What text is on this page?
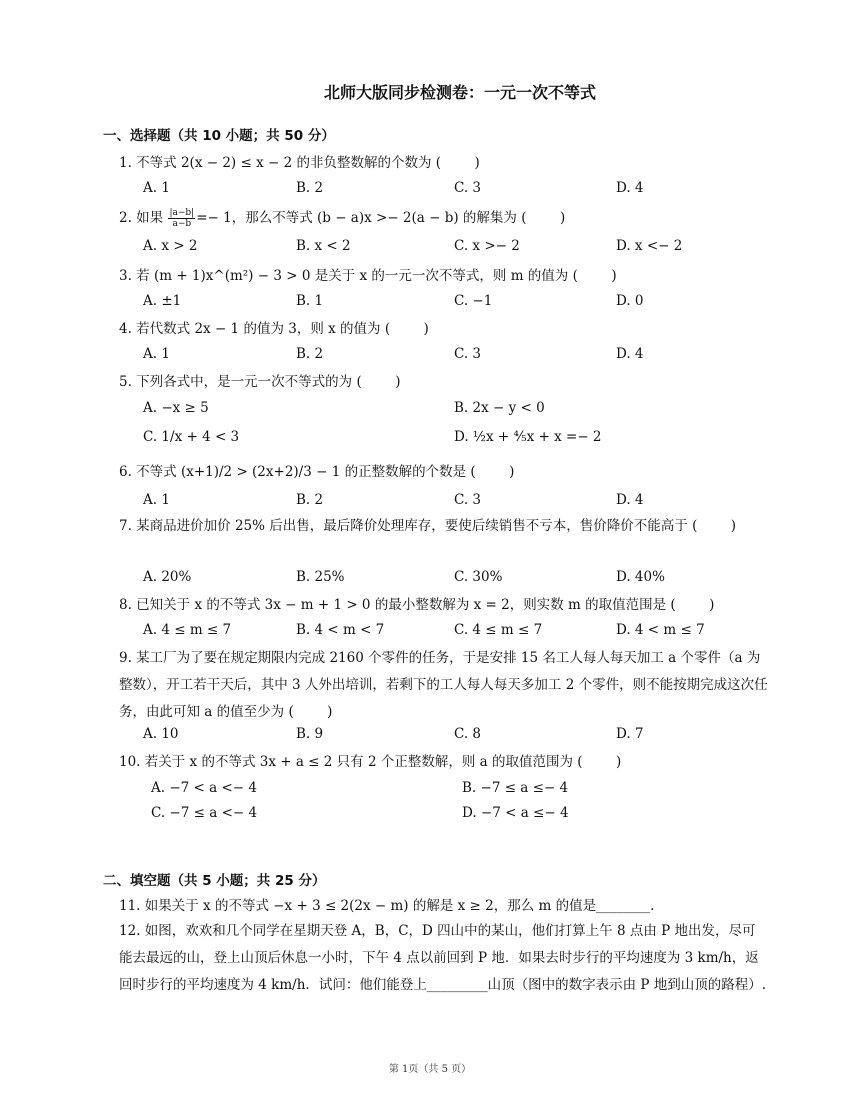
北师大版同步检测卷：一元一次不等式
一、选择题（共 10 小题；共 50 分）
1. 不等式 2(x − 2) ≤ x − 2 的非负整数解的个数为 ( )
A. 1	B. 2	C. 3	D. 4
2. 如果 $\frac{|a-b|}{a-b} =- 1$，那么不等式 (b − a)x >− 2(a − b) 的解集为 ( )
A. x > 2	B. x < 2	C. x >− 2	D. x <− 2
3. 若 (m + 1)x^(m²) − 3 > 0 是关于 x 的一元一次不等式，则 m 的值为 ( )
A. ±1	B. 1	C. −1	D. 0
4. 若代数式 2x − 1 的值为 3，则 x 的值为 ( )
A. 1	B. 2	C. 3	D. 4
5. 下列各式中，是一元一次不等式的为 ( )
A. −x ≥ 5	B. 2x − y < 0
C. 1/x + 4 < 3	D. ½x + ⅘x + x =− 2
6. 不等式 (x+1)/2 > (2x+2)/3 − 1 的正整数解的个数是 ( )
A. 1	B. 2	C. 3	D. 4
7. 某商品进价加价 25% 后出售，最后降价处理库存，要使后续销售不亏本，售价降价不能高于 ( )
A. 20%	B. 25%	C. 30%	D. 40%
8. 已知关于 x 的不等式 3x − m + 1 > 0 的最小整数解为 x = 2，则实数 m 的取值范围是 ( )
A. 4 ≤ m ≤ 7	B. 4 < m < 7	C. 4 ≤ m ≤ 7	D. 4 < m ≤ 7
9. 某工厂为了要在规定期限内完成 2160 个零件的任务，于是安排 15 名工人每人每天加工 a 个零件（a 为整数），开工若干天后，其中 3 人外出培训，若剩下的工人每人每天多加工 2 个零件，则不能按期完成这次任务，由此可知 a 的值至少为 ( )
A. 10	B. 9	C. 8	D. 7
10. 若关于 x 的不等式 3x + a ≤ 2 只有 2 个正整数解，则 a 的取值范围为 ( )
A. −7 < a <− 4	B. −7 ≤ a ≤− 4
C. −7 ≤ a <− 4	D. −7 < a ≤− 4
二、填空题（共 5 小题；共 25 分）
11. 如果关于 x 的不等式 −x + 3 ≤ 2(2x − m) 的解是 x ≥ 2，那么 m 的值是________.
12. 如图，欢欢和几个同学在星期天登 A，B，C，D 四山中的某山，他们打算上午 8 点由 P 地出发，尽可能去最远的山，登上山顶后休息一小时，下午 4 点以前回到 P 地．如果去时步行的平均速度为 3 km/h，返回时步行的平均速度为 4 km/h．试问：他们能登上_________山顶（图中的数字表示由 P 地到山顶的路程）.
第 1页（共 5 页）
